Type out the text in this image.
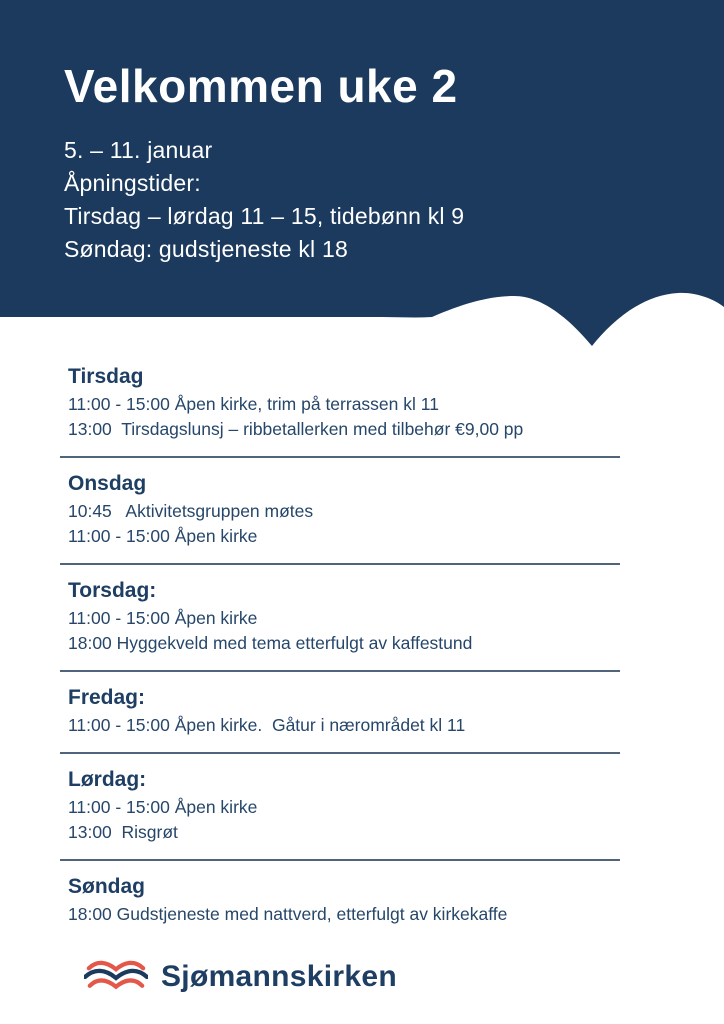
Velkommen uke 2
5. – 11. januar
Åpningstider:
Tirsdag – lørdag 11 – 15, tidebønn kl 9
Søndag: gudstjeneste kl 18
Tirsdag
11:00 - 15:00 Åpen kirke, trim på terrassen kl 11
13:00  Tirsdagslunsj – ribbetallerken med tilbehør €9,00 pp
Onsdag
10:45   Aktivitetsgruppen møtes
11:00 - 15:00 Åpen kirke
Torsdag:
11:00 - 15:00 Åpen kirke
18:00 Hyggekveld med tema etterfulgt av kaffestund
Fredag:
11:00 - 15:00 Åpen kirke.  Gåtur i nærområdet kl 11
Lørdag:
11:00 - 15:00 Åpen kirke
13:00  Risgrøt
Søndag
18:00 Gudstjeneste med nattverd, etterfulgt av kirkekaffe
Sjømannskirken
